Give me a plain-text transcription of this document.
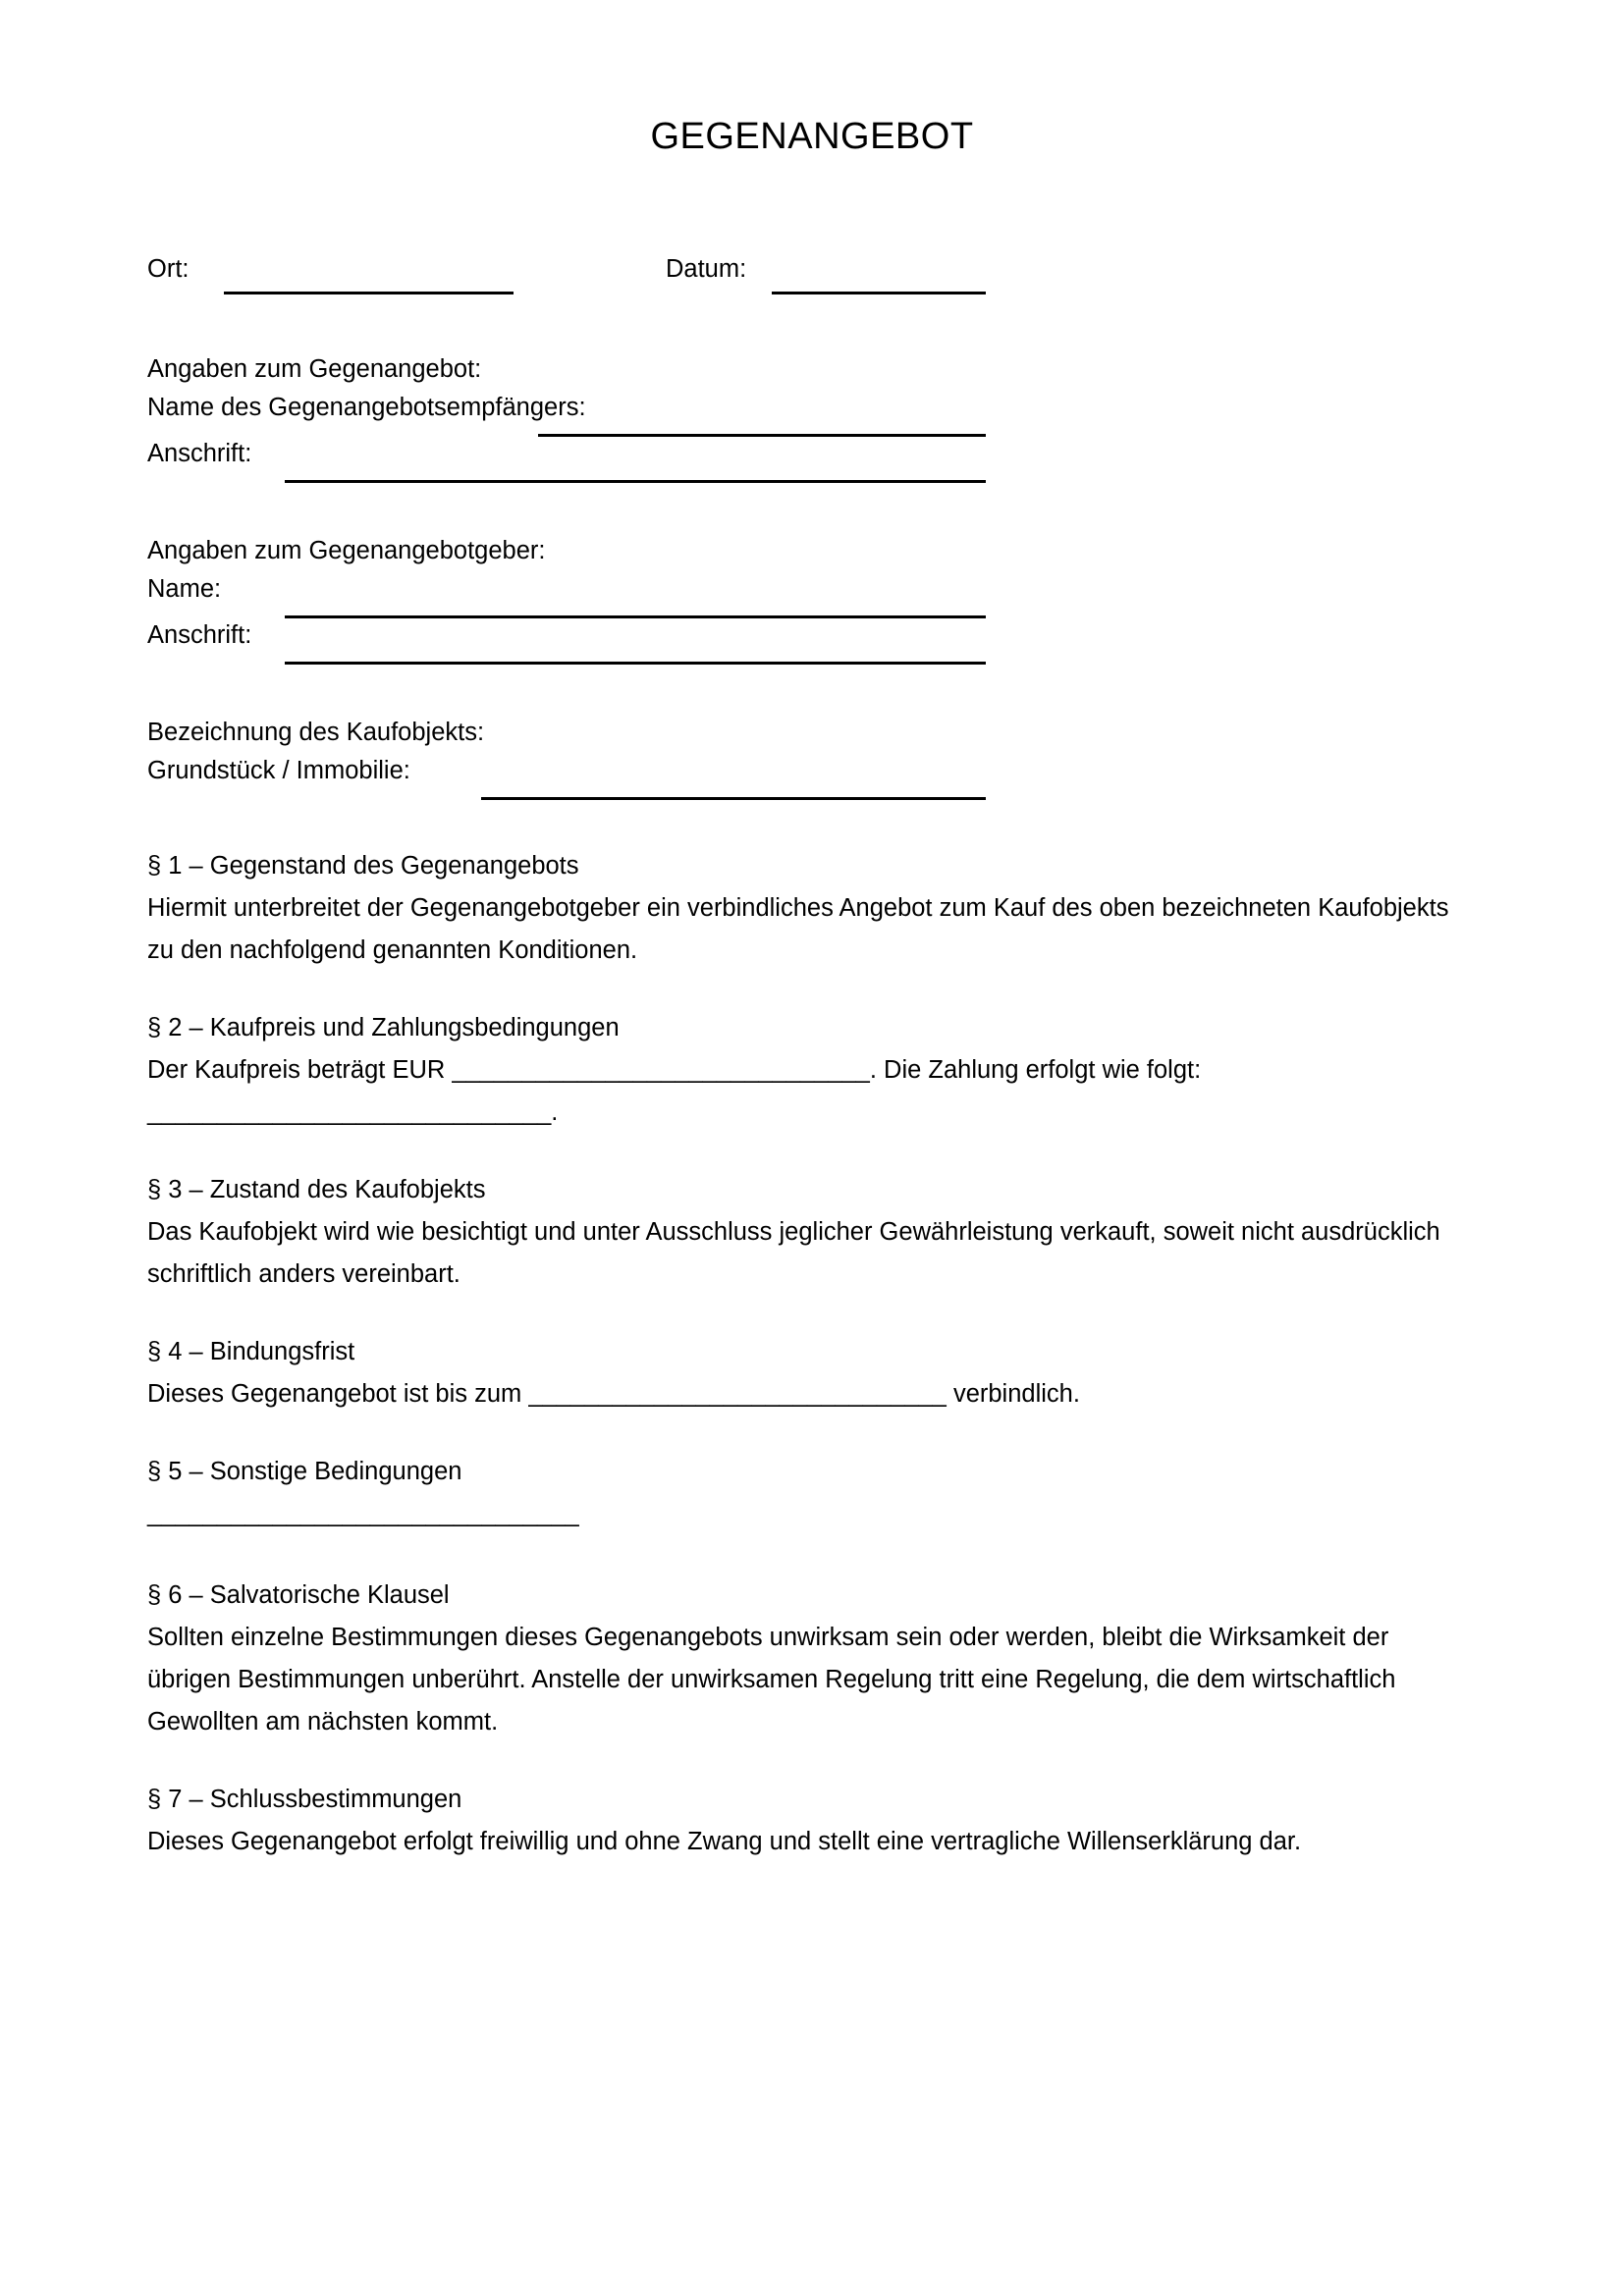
GEGENANGEBOT
Ort:	Datum:
Angaben zum Gegenangebot:
Name des Gegenangebotsempfängers:
Anschrift:
Angaben zum Gegenangebotgeber:
Name:
Anschrift:
Bezeichnung des Kaufobjekts:
Grundstück / Immobilie:

§ 1 – Gegenstand des Gegenangebots

Hiermit unterbreitet der Gegenangebotgeber ein verbindliches Angebot zum Kauf des oben bezeichneten Kaufobjekts zu den nachfolgend genannten Konditionen.

§ 2 – Kaufpreis und Zahlungsbedingungen

Der Kaufpreis beträgt EUR ______________________________. Die Zahlung erfolgt wie folgt:

_____________________________.

§ 3 – Zustand des Kaufobjekts

Das Kaufobjekt wird wie besichtigt und unter Ausschluss jeglicher Gewährleistung verkauft, soweit nicht ausdrücklich schriftlich anders vereinbart.

§ 4 – Bindungsfrist

Dieses Gegenangebot ist bis zum ______________________________ verbindlich.

§ 5 – Sonstige Bedingungen

_______________________________

§ 6 – Salvatorische Klausel

Sollten einzelne Bestimmungen dieses Gegenangebots unwirksam sein oder werden, bleibt die Wirksamkeit der übrigen Bestimmungen unberührt. Anstelle der unwirksamen Regelung tritt eine Regelung, die dem wirtschaftlich Gewollten am nächsten kommt.

§ 7 – Schlussbestimmungen

Dieses Gegenangebot erfolgt freiwillig und ohne Zwang und stellt eine vertragliche Willenserklärung dar.
